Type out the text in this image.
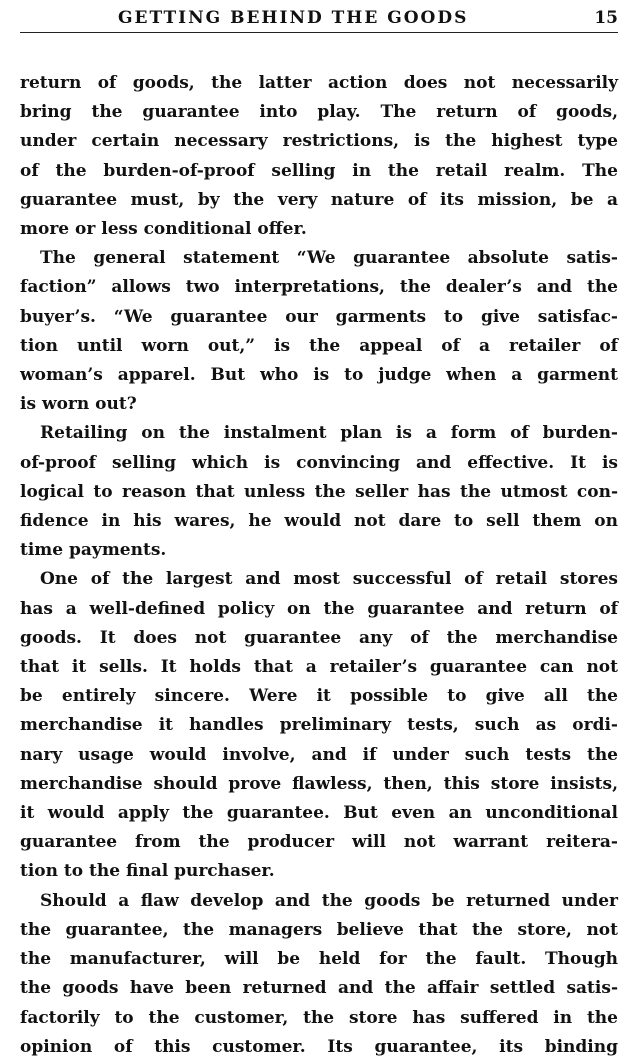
GETTING BEHIND THE GOODS	15
return of goods, the latter action does not necessarily
bring the guarantee into play. The return of goods,
under certain necessary restrictions, is the highest type
of the burden-of-proof selling in the retail realm. The
guarantee must, by the very nature of its mission, be a
more or less conditional offer.
The general statement “We guarantee absolute satis-
faction” allows two interpretations, the dealer’s and the
buyer’s. “We guarantee our garments to give satisfac-
tion until worn out,” is the appeal of a retailer of
woman’s apparel. But who is to judge when a garment
is worn out?
Retailing on the instalment plan is a form of burden-
of-proof selling which is convincing and effective. It is
logical to reason that unless the seller has the utmost con-
fidence in his wares, he would not dare to sell them on
time payments.
One of the largest and most successful of retail stores
has a well-defined policy on the guarantee and return of
goods. It does not guarantee any of the merchandise
that it sells. It holds that a retailer’s guarantee can not
be entirely sincere. Were it possible to give all the
merchandise it handles preliminary tests, such as ordi-
nary usage would involve, and if under such tests the
merchandise should prove flawless, then, this store insists,
it would apply the guarantee. But even an unconditional
guarantee from the producer will not warrant reitera-
tion to the final purchaser.
Should a flaw develop and the goods be returned under
the guarantee, the managers believe that the store, not
the manufacturer, will be held for the fault. Though
the goods have been returned and the affair settled satis-
factorily to the customer, the store has suffered in the
opinion of this customer. Its guarantee, its binding
